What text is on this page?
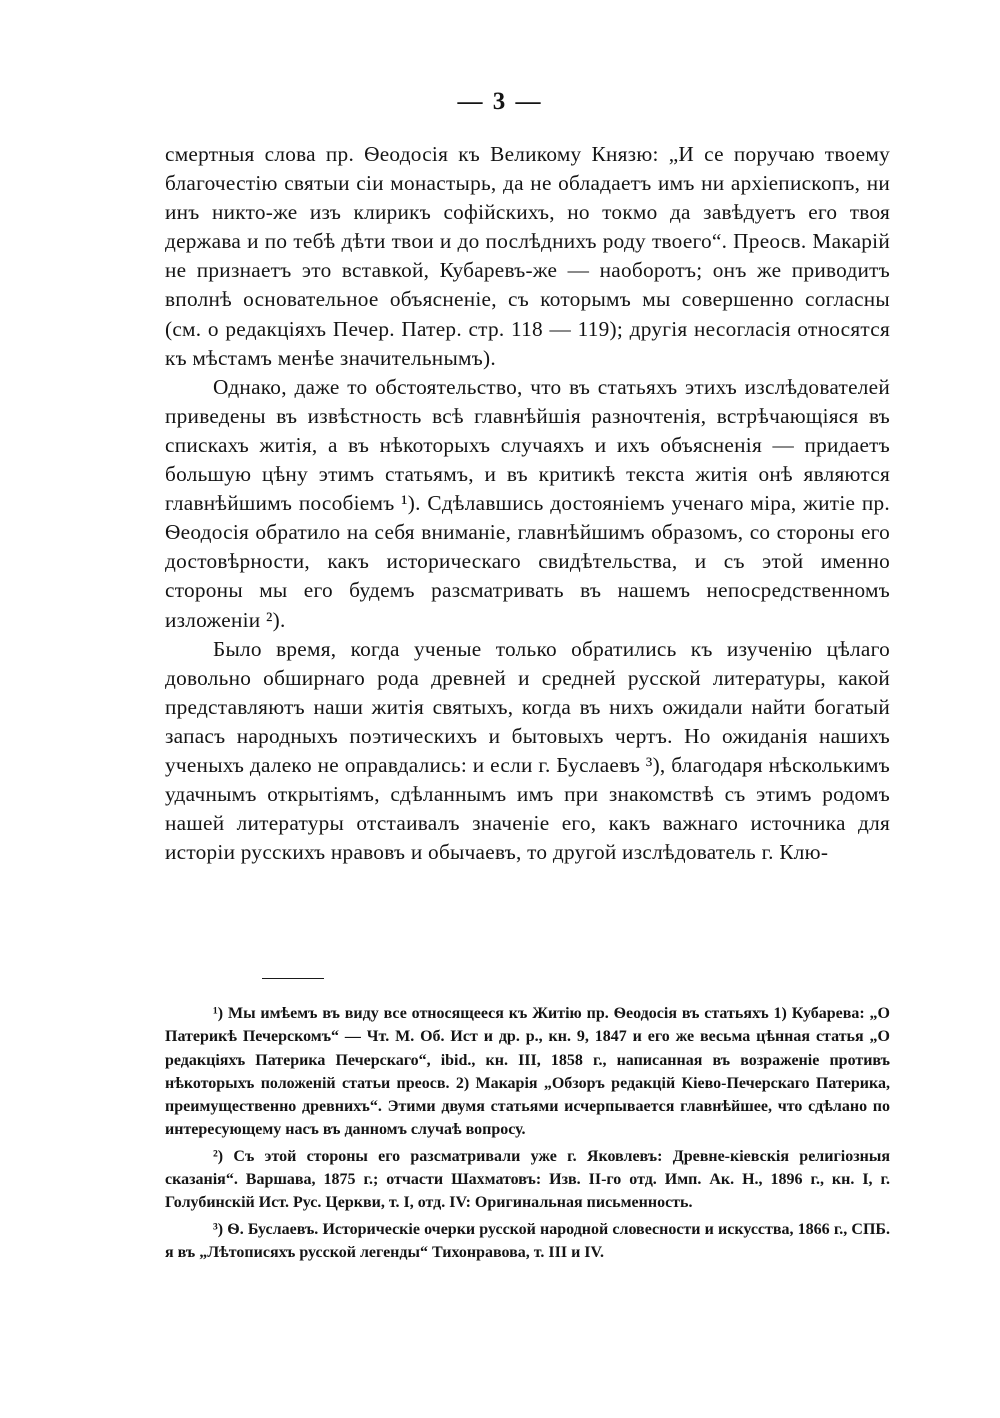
— 3 —

смертныя слова пр. Ѳеодосія къ Великому Князю: „И се поручаю твоему благочестію святыи сіи монастырь, да не обладаетъ имъ ни архіепископъ, ни инъ никто-же изъ клирикъ софійскихъ, но токмо да завѣдуетъ его твоя держава и по тебѣ дѣти твои и до послѣднихъ роду твоего“. Преосв. Макарій не признаетъ это вставкой, Кубаревъ-же — наоборотъ; онъ же приводитъ вполнѣ основательное объясненіе, съ которымъ мы совершенно согласны (см. о редакціяхъ Печер. Патер. стр. 118 — 119); другія несогласія относятся къ мѣстамъ менѣе значительнымъ).

Однако, даже то обстоятельство, что въ статьяхъ этихъ изслѣдователей приведены въ извѣстность всѣ главнѣйшія разночтенія, встрѣчающіяся въ спискахъ житія, а въ нѣкоторыхъ случаяхъ и ихъ объясненія — придаетъ большую цѣну этимъ статьямъ, и въ критикѣ текста житія онѣ являются главнѣйшимъ пособіемъ ¹). Сдѣлавшись достояніемъ ученаго міра, житіе пр. Ѳеодосія обратило на себя вниманіе, главнѣйшимъ образомъ, со стороны его достовѣрности, какъ историческаго свидѣтельства, и съ этой именно стороны мы его будемъ разсматривать въ нашемъ непосредственномъ изложеніи ²).

Было время, когда ученые только обратились къ изученію цѣлаго довольно обширнаго рода древней и средней русской литературы, какой представляютъ наши житія святыхъ, когда въ нихъ ожидали найти богатый запасъ народныхъ поэтическихъ и бытовыхъ чертъ. Но ожиданія нашихъ ученыхъ далеко не оправдались: и если г. Буслаевъ ³), благодаря нѣсколькимъ удачнымъ открытіямъ, сдѣланнымъ имъ при знакомствѣ съ этимъ родомъ нашей литературы отстаивалъ значеніе его, какъ важнаго источника для исторіи русскихъ нравовъ и обычаевъ, то другой изслѣдователь г. Клю-

¹) Мы имѣемъ въ виду все относящееся къ Житію пр. Ѳеодосія въ статьяхъ 1) Кубарева: „О Патерикѣ Печерскомъ“ — Чт. М. Об. Ист и др. р., кн. 9, 1847 и его же весьма цѣнная статья „О редакціяхъ Патерика Печерскаго“, ibid., кн. III, 1858 г., написанная въ возраженіе противъ нѣкоторыхъ положеній статьи преосв. 2) Макарія „Обзоръ редакцій Кіево-Печерскаго Патерика, преимущественно древнихъ“. Этими двумя статьями исчерпывается главнѣйшее, что сдѣлано по интересующему насъ въ данномъ случаѣ вопросу.

²) Съ этой стороны его разсматривали уже г. Яковлевъ: Древне-кіевскія религіозныя сказанія“. Варшава, 1875 г.; отчасти Шахматовъ: Изв. II-го отд. Имп. Ак. Н., 1896 г., кн. I, г. Голубинскій Ист. Рус. Церкви, т. I, отд. IV: Оригинальная письменность.

³) Ѳ. Буслаевъ. Историческіе очерки русской народной словесности и искусства, 1866 г., СПБ. я въ „Лѣтописяхъ русской легенды“ Тихонравова, т. III и IV.
